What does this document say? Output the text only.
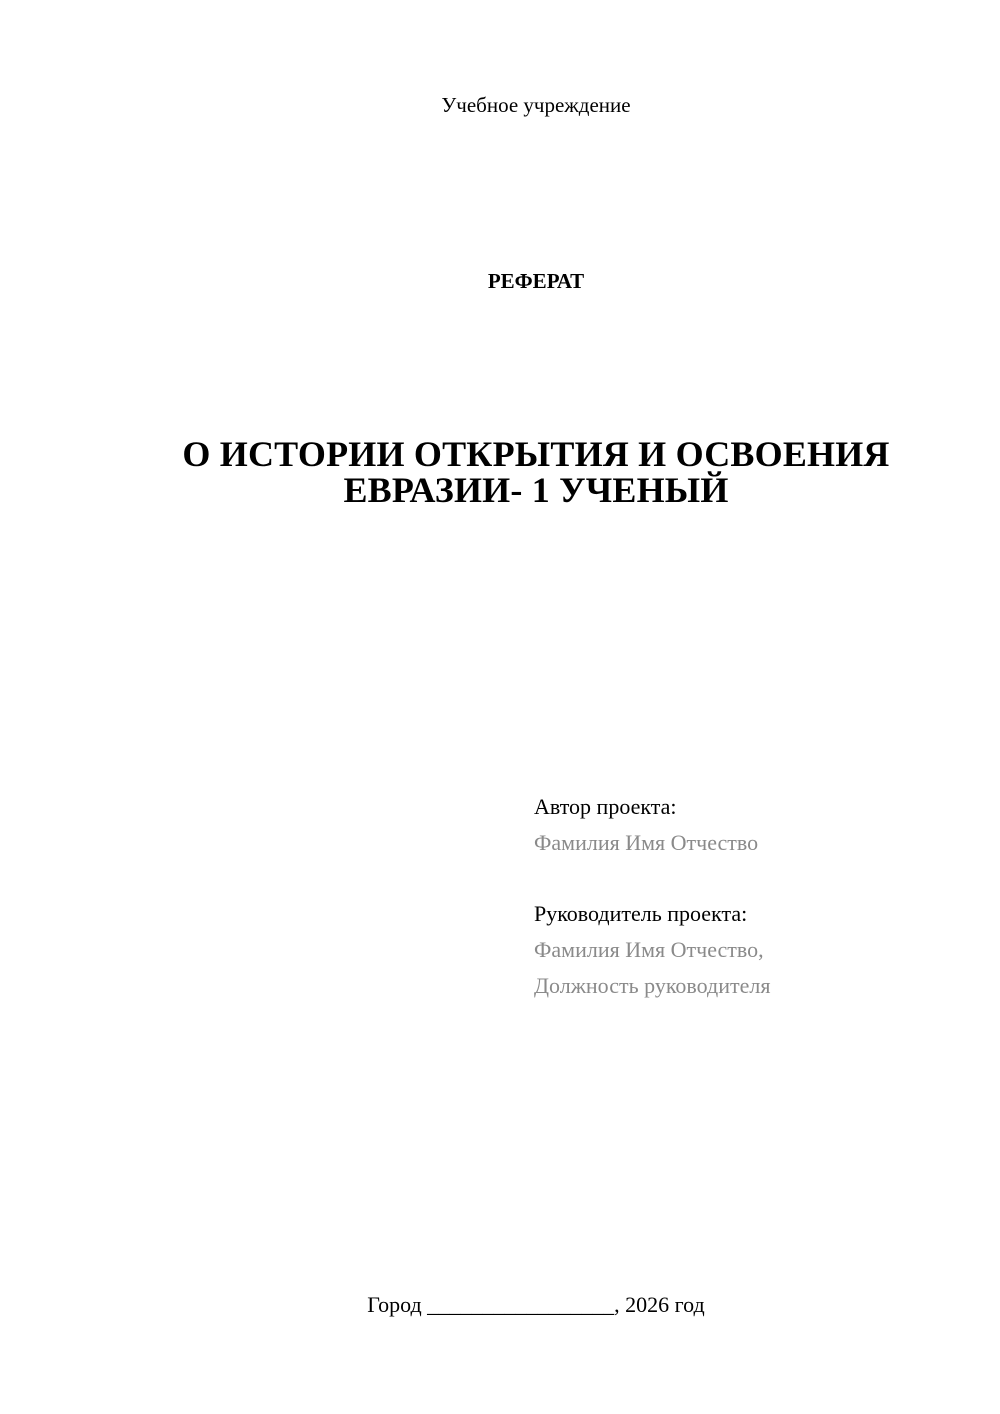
Учебное учреждение
РЕФЕРАТ
О ИСТОРИИ ОТКРЫТИЯ И ОСВОЕНИЯ
ЕВРАЗИИ- 1 УЧЕНЫЙ
Автор проекта:
Фамилия Имя Отчество
Руководитель проекта:
Фамилия Имя Отчество,
Должность руководителя
Город _________________, 2026 год
